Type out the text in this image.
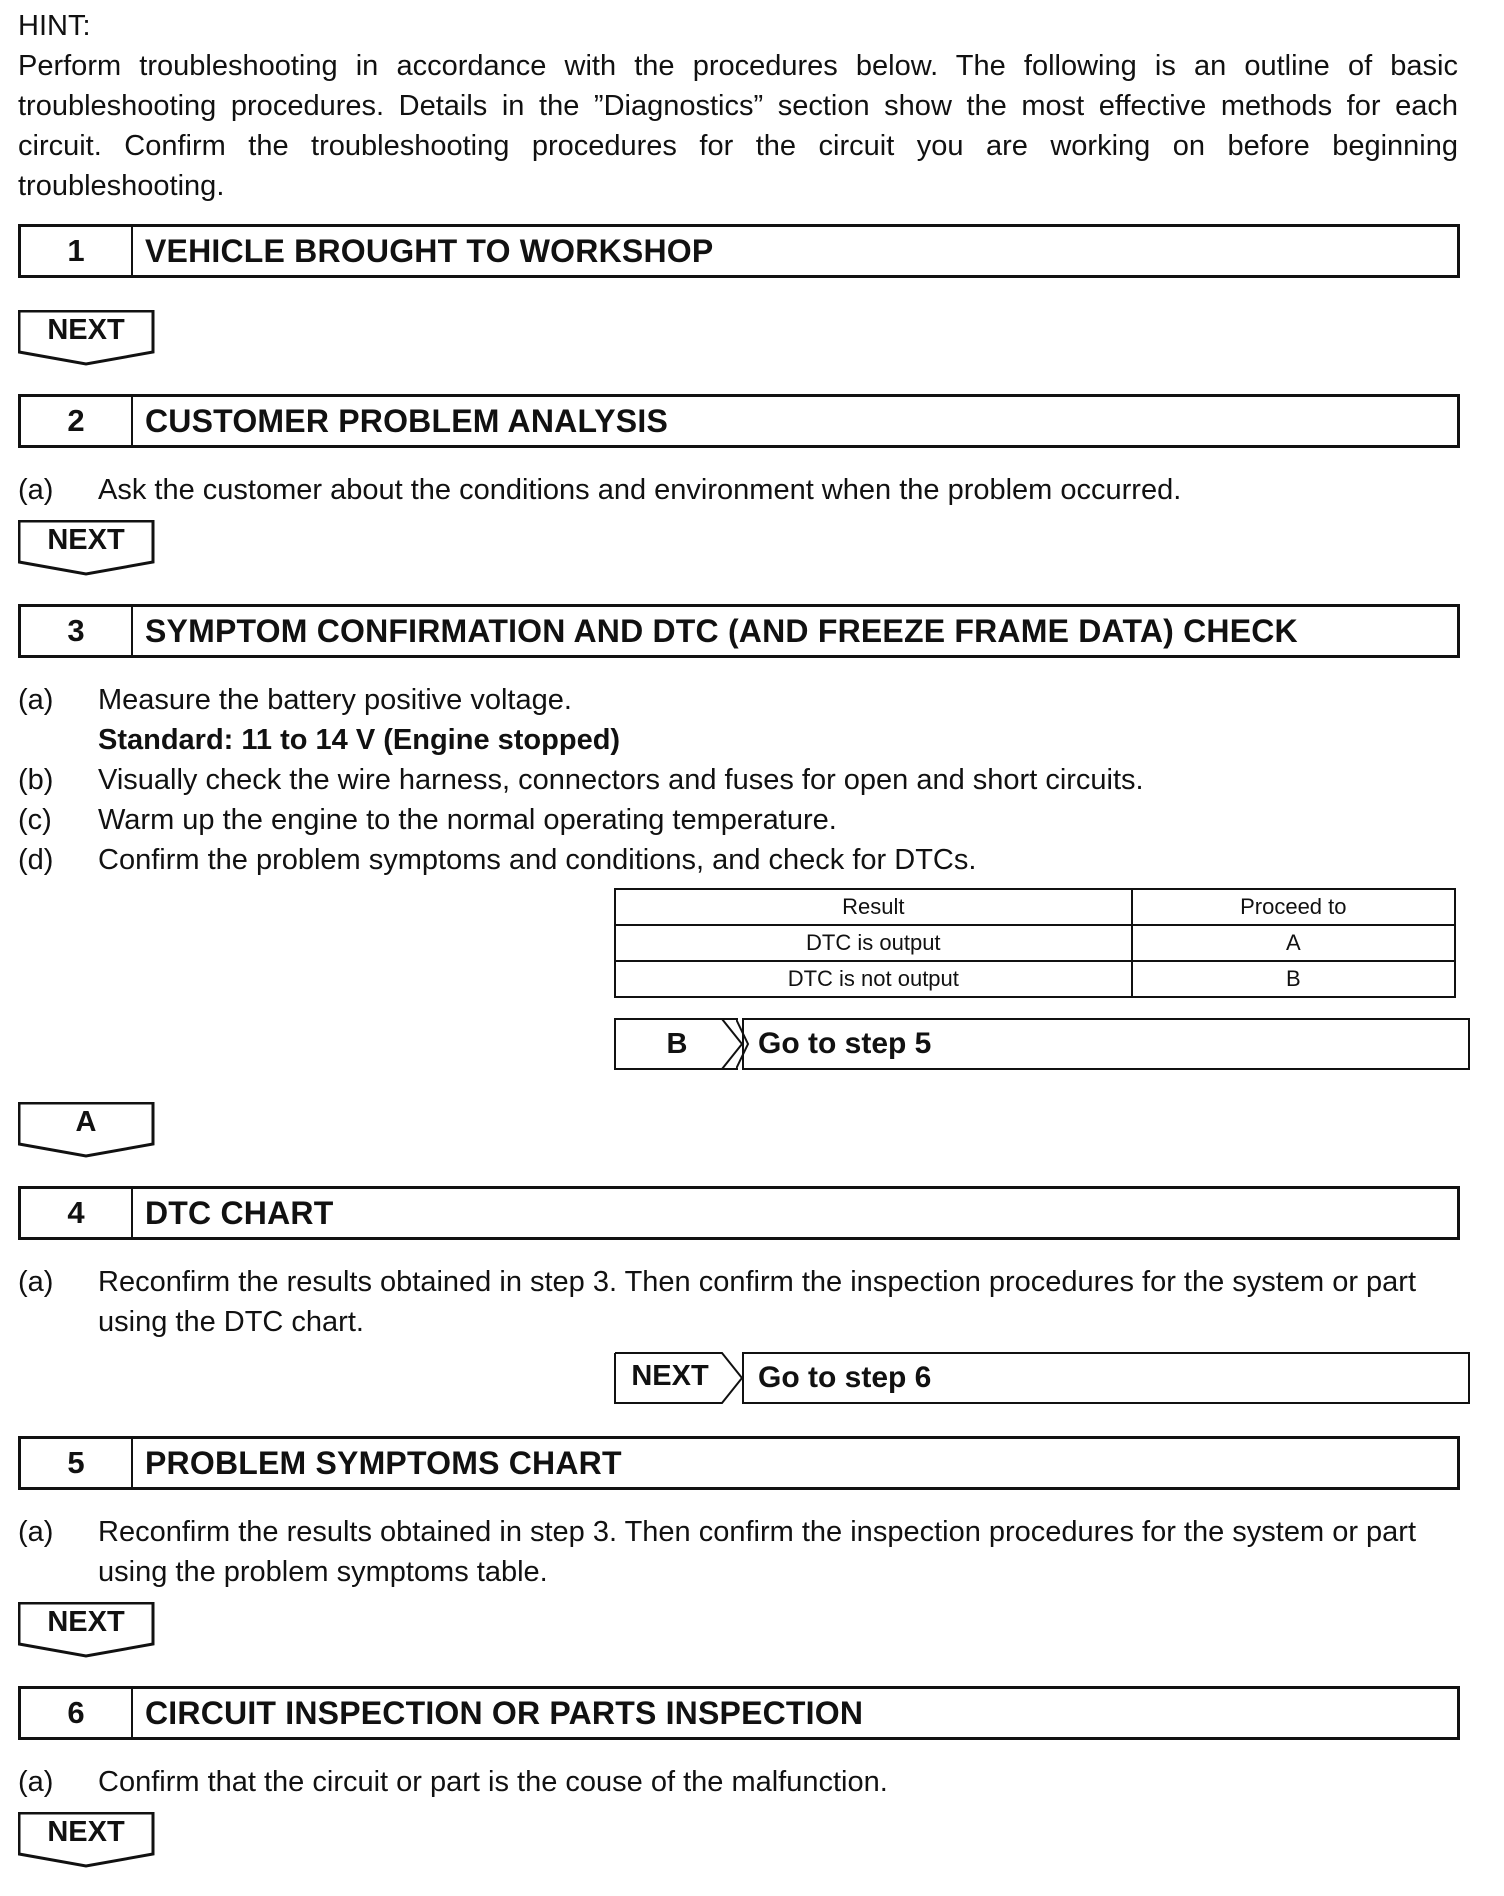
HINT:
Perform troubleshooting in accordance with the procedures below. The following is an outline of basic troubleshooting procedures. Details in the ”Diagnostics” section show the most effective methods for each circuit. Confirm the troubleshooting procedures for the circuit you are working on before beginning troubleshooting.
1	VEHICLE BROUGHT TO WORKSHOP
NEXT
2	CUSTOMER PROBLEM ANALYSIS
(a) Ask the customer about the conditions and environment when the problem occurred.
NEXT
3	SYMPTOM CONFIRMATION AND DTC (AND FREEZE FRAME DATA) CHECK
(a) Measure the battery positive voltage.
Standard: 11 to 14 V (Engine stopped)
(b) Visually check the wire harness, connectors and fuses for open and short circuits.
(c) Warm up the engine to the normal operating temperature.
(d) Confirm the problem symptoms and conditions, and check for DTCs.
Result	Proceed to
DTC is output	A
DTC is not output	B
B	Go to step 5
A
4	DTC CHART
(a) Reconfirm the results obtained in step 3. Then confirm the inspection procedures for the system or part using the DTC chart.
NEXT	Go to step 6
5	PROBLEM SYMPTOMS CHART
(a) Reconfirm the results obtained in step 3. Then confirm the inspection procedures for the system or part using the problem symptoms table.
NEXT
6	CIRCUIT INSPECTION OR PARTS INSPECTION
(a) Confirm that the circuit or part is the couse of the malfunction.
NEXT
